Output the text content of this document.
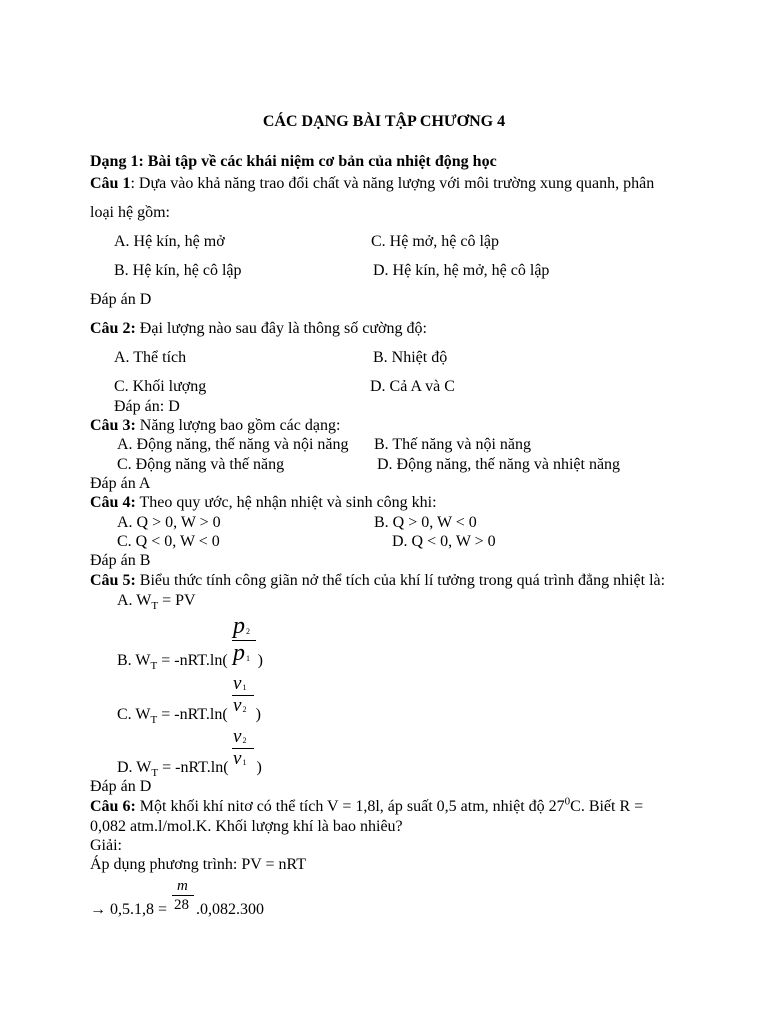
CÁC DẠNG BÀI TẬP CHƯƠNG 4
Dạng 1: Bài tập về các khái niệm cơ bản của nhiệt động học
Câu 1: Dựa vào khả năng trao đổi chất và năng lượng với môi trường xung quanh, phân
loại hệ gồm:
A. Hệ kín, hệ mở	C. Hệ mở, hệ cô lập
B. Hệ kín, hệ cô lập	D. Hệ kín, hệ mở, hệ cô lập
Đáp án D
Câu 2: Đại lượng nào sau đây là thông số cường độ:
A. Thể tích	B. Nhiệt độ
C. Khối lượng	D. Cả A và C
Đáp án: D
Câu 3: Năng lượng bao gồm các dạng:
A. Động năng, thế năng và nội năng B. Thế năng và nội năng
C. Động năng và thế năng	D. Động năng, thế năng và nhiệt năng
Đáp án A
Câu 4: Theo quy ước, hệ nhận nhiệt và sinh công khi:
A. Q > 0, W > 0	B. Q > 0, W < 0
C. Q < 0, W < 0	D. Q < 0, W > 0
Đáp án B
Câu 5: Biểu thức tính công giãn nở thể tích của khí lí tưởng trong quá trình đẳng nhiệt là:
A. $W_T$ = PV
p2
B. $W_T = -nRT.\ln$( )
p1
v1
C. $W_T = -nRT.\ln$( )
v2
v2
D. $W_T = -nRT.\ln$( )
v1
Đáp án D
Câu 6: Một khối khí nitơ có thể tích V = 1,8l, áp suất 0,5 atm, nhiệt độ $27^0C$. Biết R =
0,082 atm.l/mol.K. Khối lượng khí là bao nhiêu?
Giải:
Áp dụng phương trình: PV = nRT
m
28
→ 0,5.1,8 = .0,082.300
